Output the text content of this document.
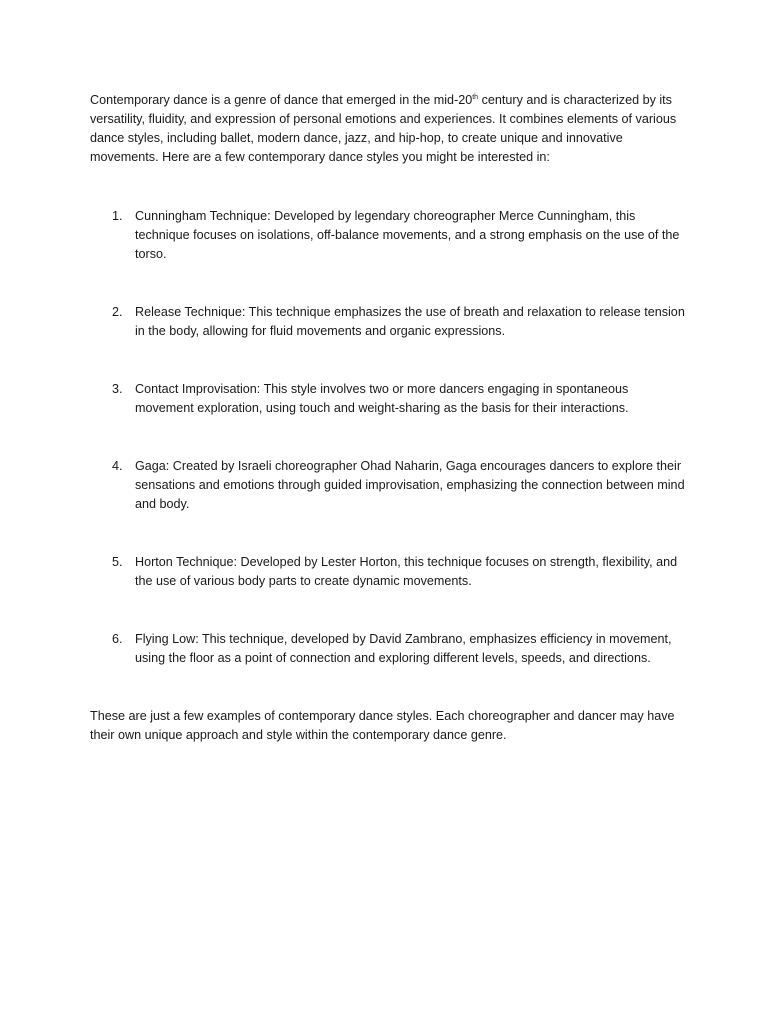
Contemporary dance is a genre of dance that emerged in the mid-20th century and is characterized by its versatility, fluidity, and expression of personal emotions and experiences. It combines elements of various dance styles, including ballet, modern dance, jazz, and hip-hop, to create unique and innovative movements. Here are a few contemporary dance styles you might be interested in:

1. Cunningham Technique: Developed by legendary choreographer Merce Cunningham, this technique focuses on isolations, off-balance movements, and a strong emphasis on the use of the torso.
2. Release Technique: This technique emphasizes the use of breath and relaxation to release tension in the body, allowing for fluid movements and organic expressions.
3. Contact Improvisation: This style involves two or more dancers engaging in spontaneous movement exploration, using touch and weight-sharing as the basis for their interactions.
4. Gaga: Created by Israeli choreographer Ohad Naharin, Gaga encourages dancers to explore their sensations and emotions through guided improvisation, emphasizing the connection between mind and body.
5. Horton Technique: Developed by Lester Horton, this technique focuses on strength, flexibility, and the use of various body parts to create dynamic movements.
6. Flying Low: This technique, developed by David Zambrano, emphasizes efficiency in movement, using the floor as a point of connection and exploring different levels, speeds, and directions.

These are just a few examples of contemporary dance styles. Each choreographer and dancer may have their own unique approach and style within the contemporary dance genre.
